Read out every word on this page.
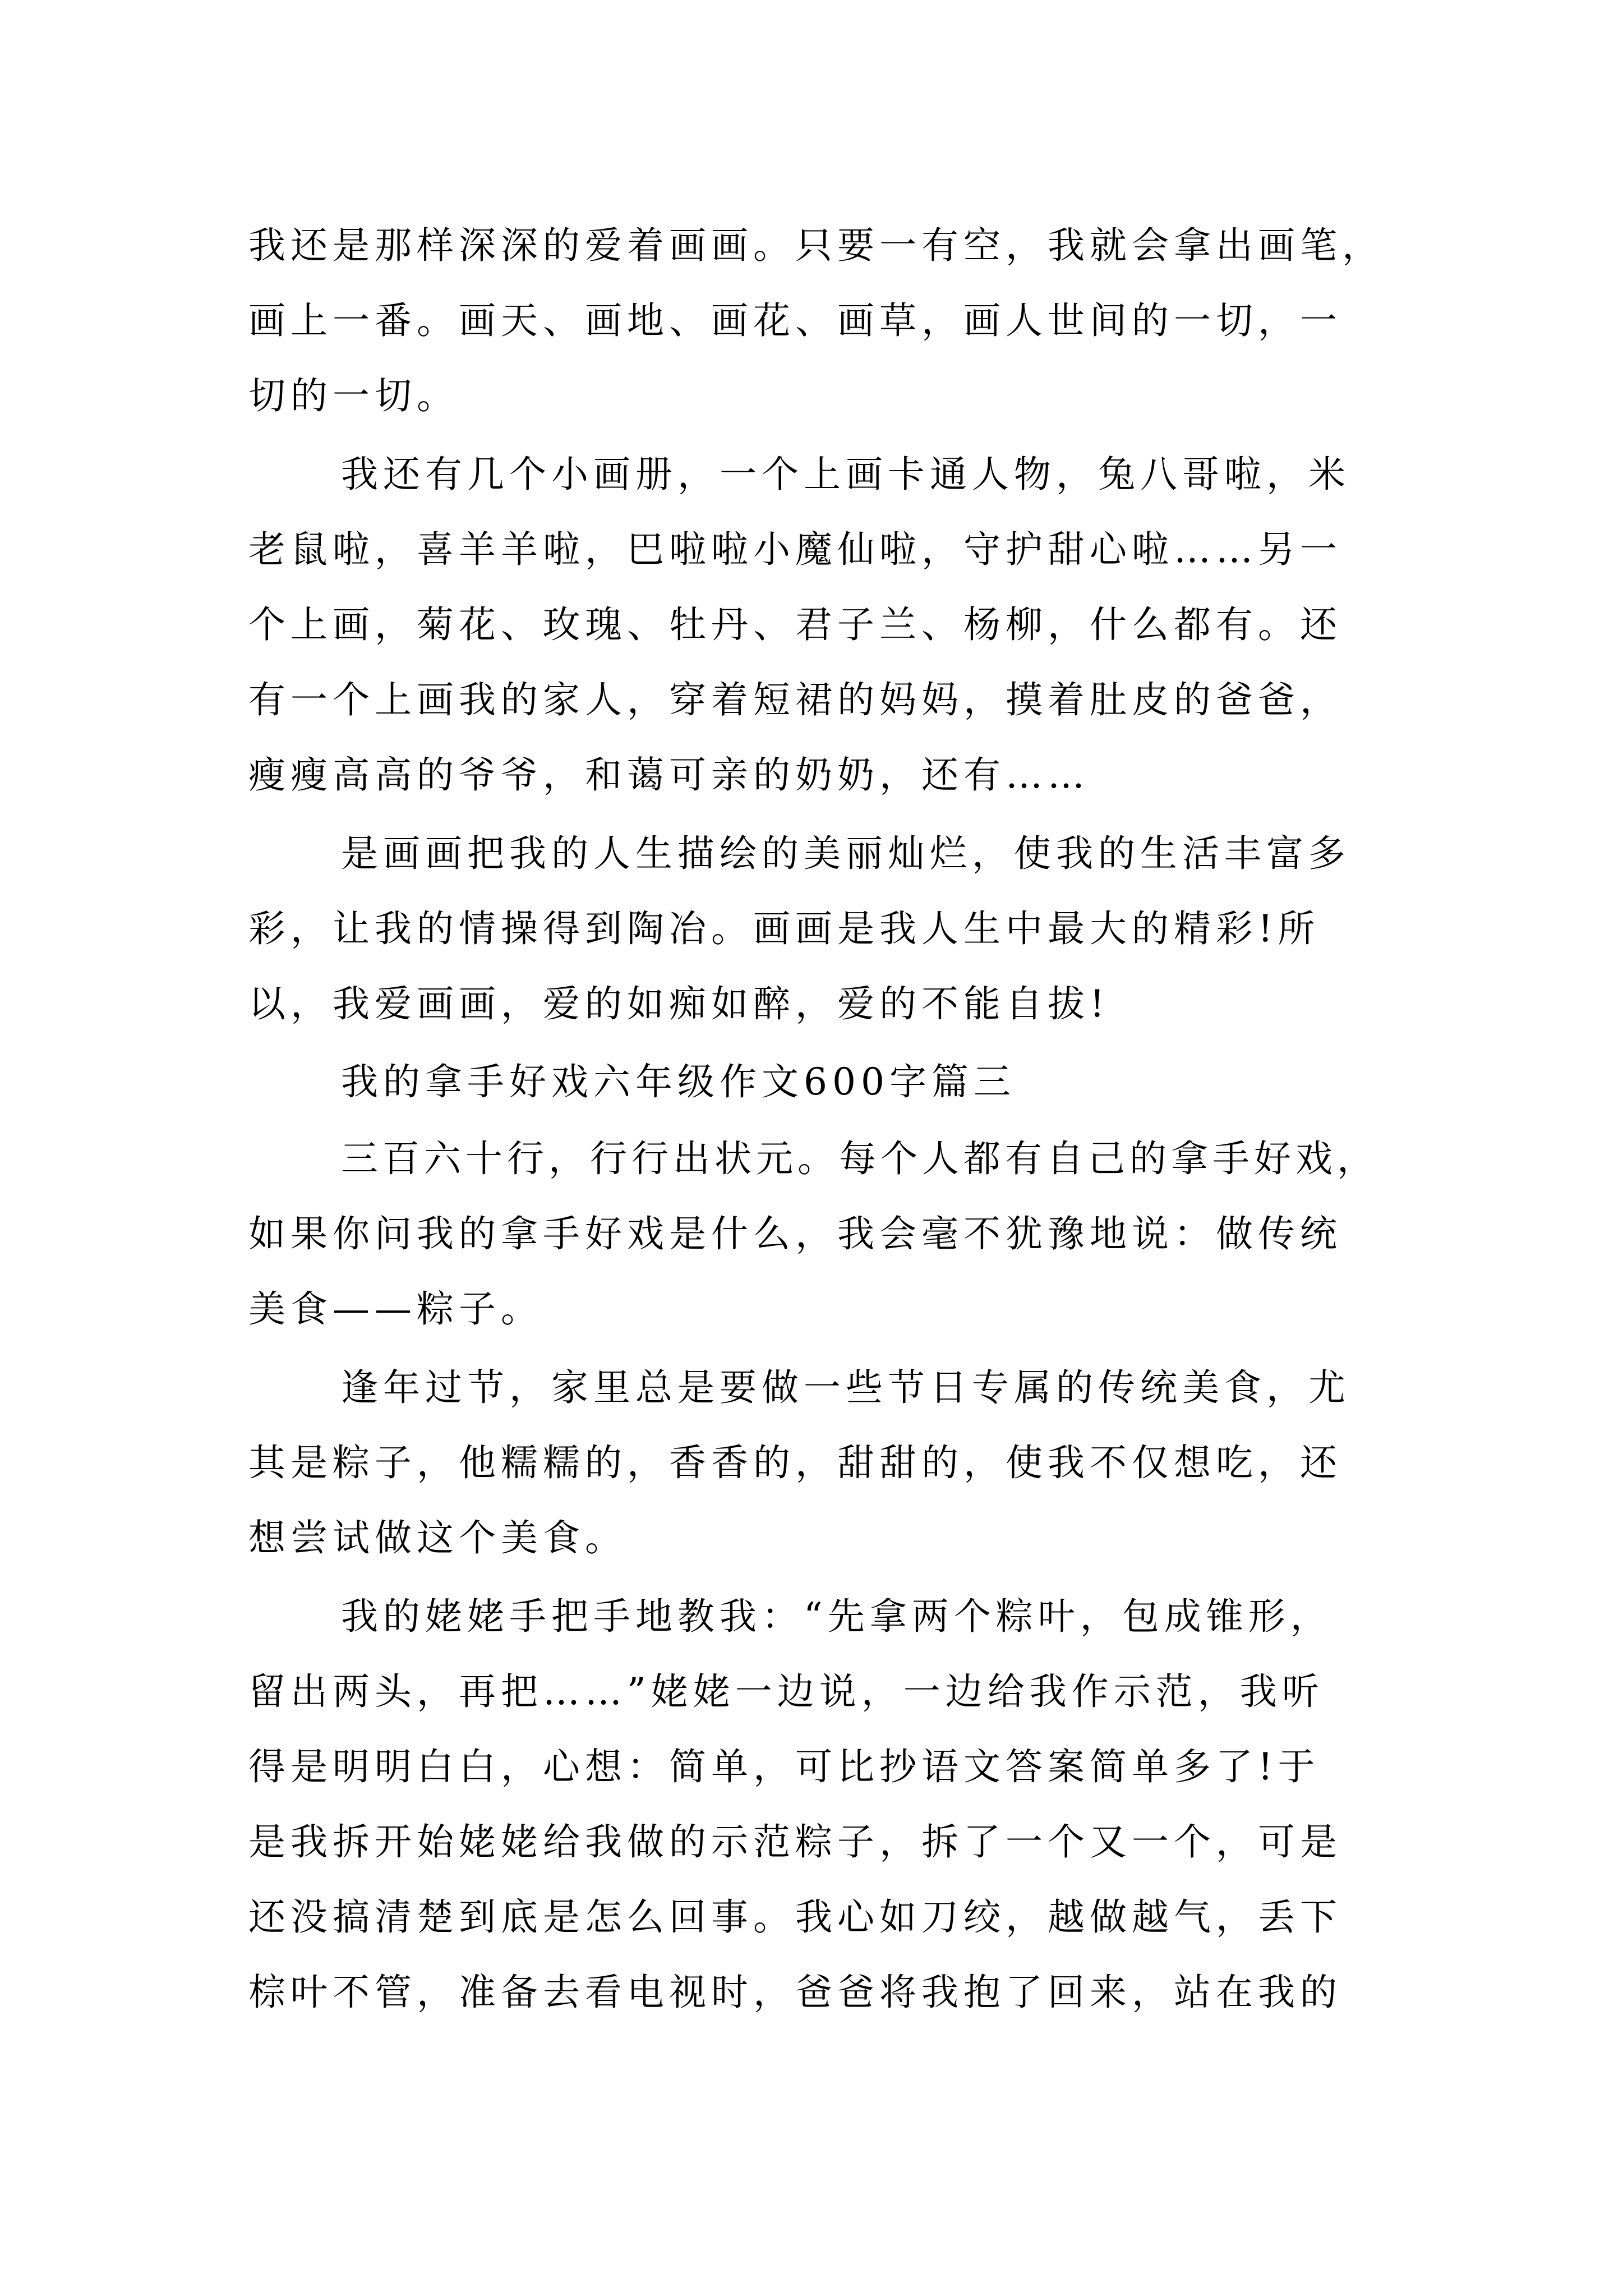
我还是那样深深的爱着画画。只要一有空，我就会拿出画笔，
画上一番。画天、画地、画花、画草，画人世间的一切，一
切的一切。
我还有几个小画册，一个上画卡通人物，兔八哥啦，米
老鼠啦，喜羊羊啦，巴啦啦小魔仙啦，守护甜心啦……另一
个上画，菊花、玫瑰、牡丹、君子兰、杨柳，什么都有。还
有一个上画我的家人，穿着短裙的妈妈，摸着肚皮的爸爸，
瘦瘦高高的爷爷，和蔼可亲的奶奶，还有……
是画画把我的人生描绘的美丽灿烂，使我的生活丰富多
彩，让我的情操得到陶冶。画画是我人生中最大的精彩!所
以，我爱画画，爱的如痴如醉，爱的不能自拔!
我的拿手好戏六年级作文600字篇三
三百六十行，行行出状元。每个人都有自己的拿手好戏，
如果你问我的拿手好戏是什么，我会毫不犹豫地说：做传统
美食——粽子。
逢年过节，家里总是要做一些节日专属的传统美食，尤
其是粽子，他糯糯的，香香的，甜甜的，使我不仅想吃，还
想尝试做这个美食。
我的姥姥手把手地教我：“先拿两个粽叶，包成锥形，
留出两头，再把……”姥姥一边说，一边给我作示范，我听
得是明明白白，心想：简单，可比抄语文答案简单多了!于
是我拆开始姥姥给我做的示范粽子，拆了一个又一个，可是
还没搞清楚到底是怎么回事。我心如刀绞，越做越气，丢下
棕叶不管，准备去看电视时，爸爸将我抱了回来，站在我的
